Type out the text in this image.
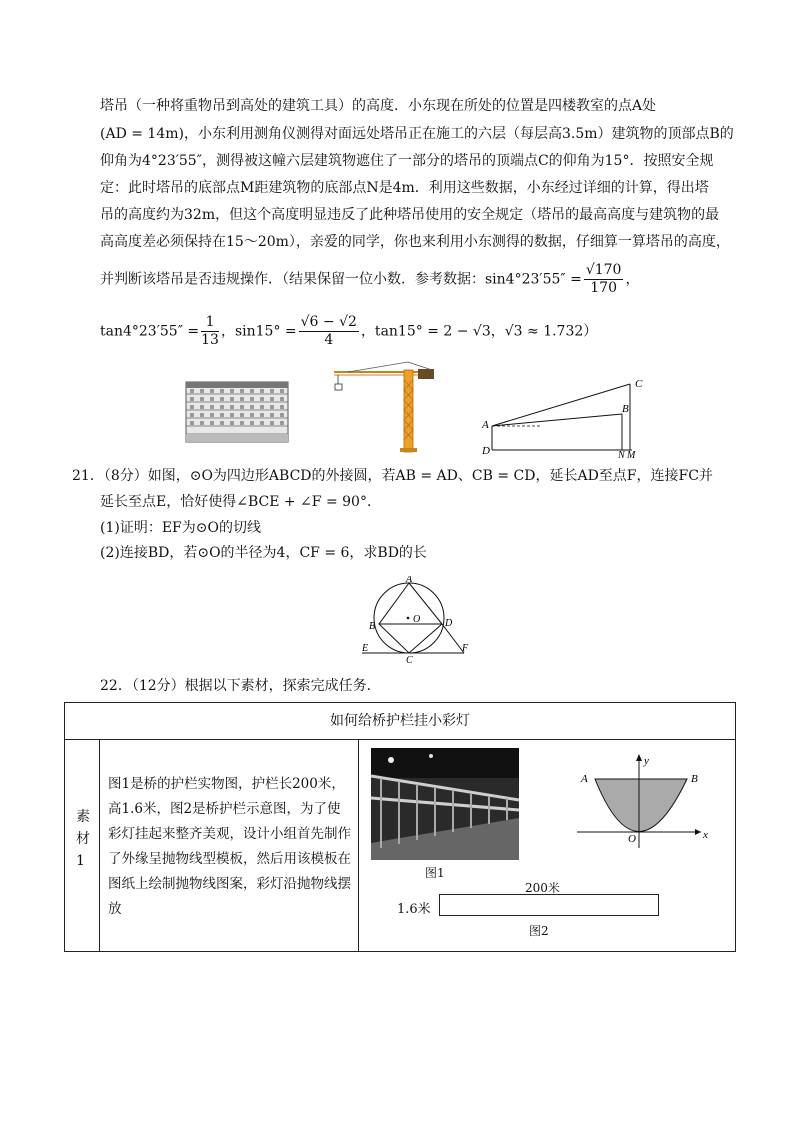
塔吊（一种将重物吊到高处的建筑工具）的高度．小东现在所处的位置是四楼教室的点A处
(AD = 14m)，小东利用测角仪测得对面远处塔吊正在施工的六层（每层高3.5m）建筑物的顶部点B的
仰角为4°23′55″，测得被这幢六层建筑物遮住了一部分的塔吊的顶端点C的仰角为15°．按照安全规
定：此时塔吊的底部点M距建筑物的底部点N是4m．利用这些数据，小东经过详细的计算，得出塔
吊的高度约为32m，但这个高度明显违反了此种塔吊使用的安全规定（塔吊的最高高度与建筑物的最
高高度差必须保持在15～20m），亲爱的同学，你也来利用小东测得的数据，仔细算一算塔吊的高度，
并判断该塔吊是否违规操作．（结果保留一位小数．参考数据：$\sin 4^\circ 23'55'' = \frac{√170}{170}$ ，
$\tan 4^\circ 23'55'' = \frac{1}{13}$ ，$\sin 15^\circ = \frac{√6 - √2}{4}$ ，tan15° = 2 − √3，√3 ≈ 1.732）
A
D
B
C
N M
21．（8分）如图，⊙O为四边形ABCD的外接圆，若AB = AD、CB = CD，延长AD至点F，连接FC并
延长至点E，恰好使得∠BCE + ∠F = 90°．
(1)证明：EF为⊙O的切线
(2)连接BD，若⊙O的半径为4，CF = 6，求BD的长
A
B
C
D
E	F
O
22．（12分）根据以下素材，探索完成任务．
如何给桥护栏挂小彩灯
素材1
图1是桥的护栏实物图，护栏长200米，高1.6米，图2是桥护栏示意图，为了使彩灯挂起来整齐美观，设计小组首先制作了外缘呈抛物线型模板，然后用该模板在图纸上绘制抛物线图案，彩灯沿抛物线摆放
图1
A	B
O	x
y
200米
1.6米
图2
